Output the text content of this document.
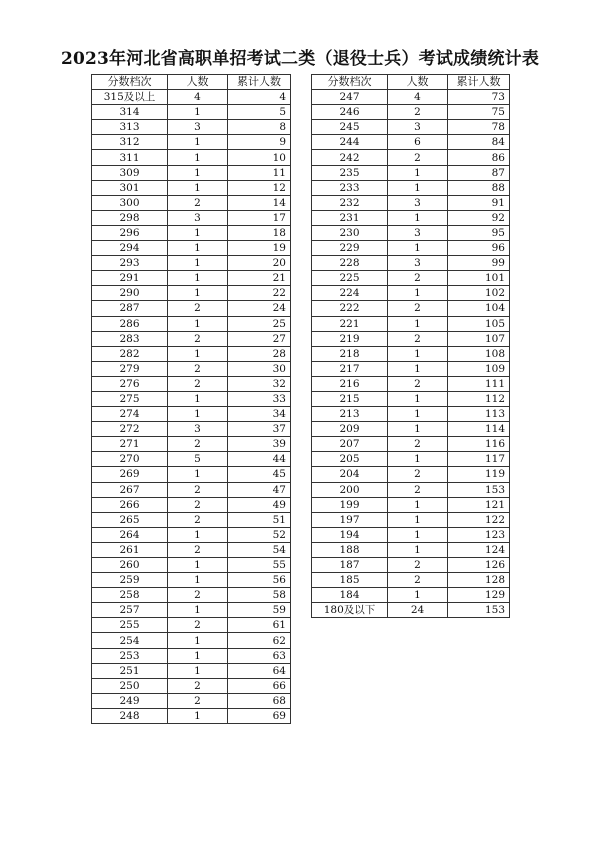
2023年河北省高职单招考试二类（退役士兵）考试成绩统计表
分数档次	人数	累计人数
315及以上	4	4
314	1	5
313	3	8
312	1	9
311	1	10
309	1	11
301	1	12
300	2	14
298	3	17
296	1	18
294	1	19
293	1	20
291	1	21
290	1	22
287	2	24
286	1	25
283	2	27
282	1	28
279	2	30
276	2	32
275	1	33
274	1	34
272	3	37
271	2	39
270	5	44
269	1	45
267	2	47
266	2	49
265	2	51
264	1	52
261	2	54
260	1	55
259	1	56
258	2	58
257	1	59
255	2	61
254	1	62
253	1	63
251	1	64
250	2	66
249	2	68
248	1	69
分数档次	人数	累计人数
247	4	73
246	2	75
245	3	78
244	6	84
242	2	86
235	1	87
233	1	88
232	3	91
231	1	92
230	3	95
229	1	96
228	3	99
225	2	101
224	1	102
222	2	104
221	1	105
219	2	107
218	1	108
217	1	109
216	2	111
215	1	112
213	1	113
209	1	114
207	2	116
205	1	117
204	2	119
200	2	153
199	1	121
197	1	122
194	1	123
188	1	124
187	2	126
185	2	128
184	1	129
180及以下	24	153
